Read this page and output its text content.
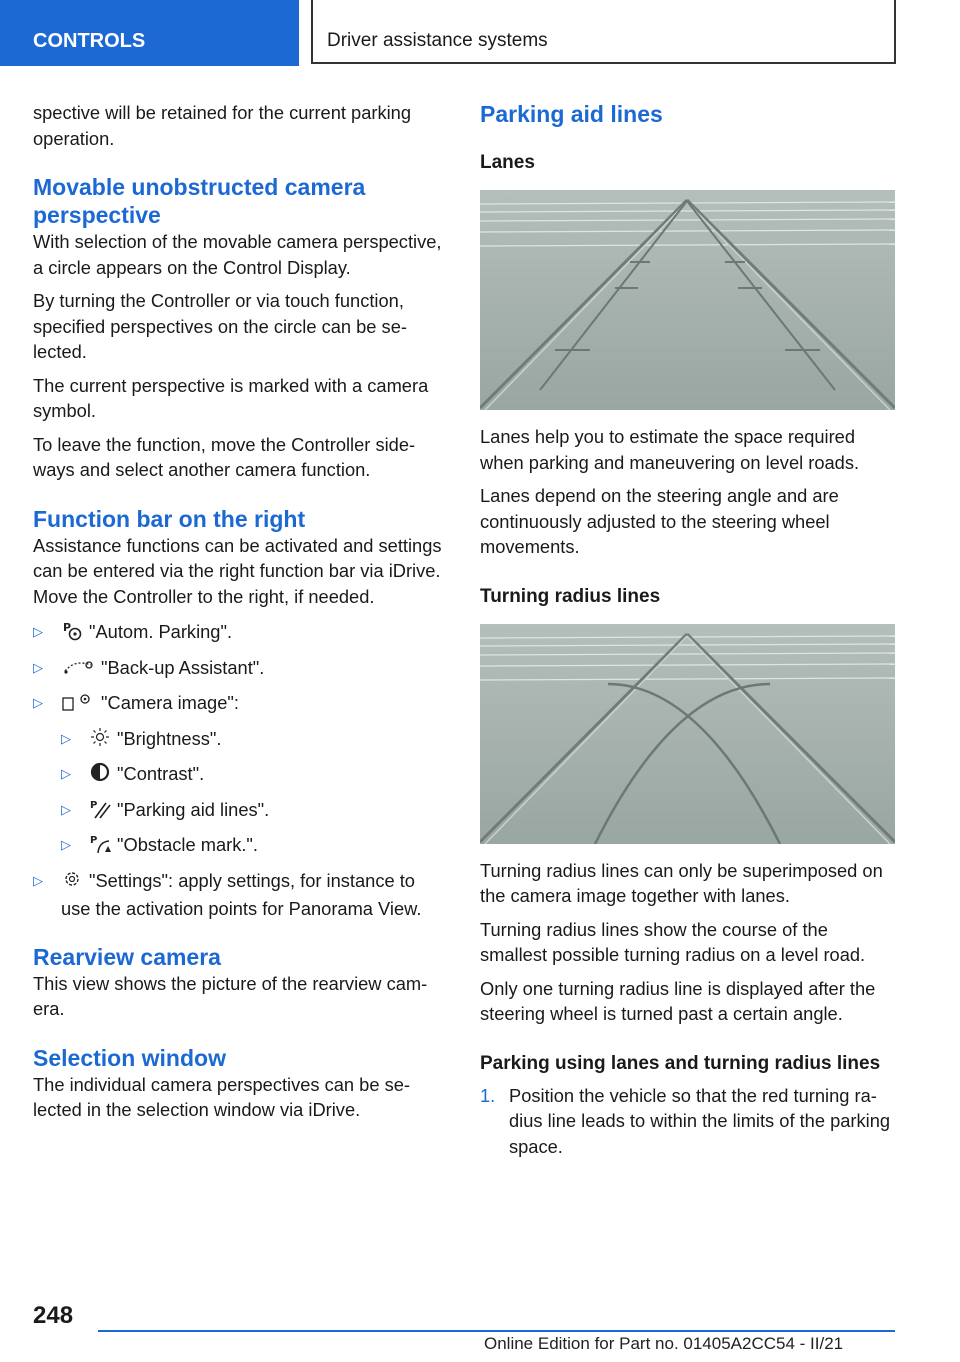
CONTROLS	Driver assistance systems

spective will be retained for the current parking operation.

Movable unobstructed camera perspective

With selection of the movable camera perspective, a circle appears on the Control Display.

By turning the Controller or via touch function, specified perspectives on the circle can be selected.

The current perspective is marked with a camera symbol.

To leave the function, move the Controller sideways and select another camera function.

Function bar on the right

Assistance functions can be activated and settings can be entered via the right function bar via iDrive. Move the Controller to the right, if needed.

▷ P "Autom. Parking".
▷	"Back-up Assistant".
▷	"Camera image":
▷	"Brightness".
▷	"Contrast".
▷ P "Parking aid lines".
▷ P "Obstacle mark.".
▷	"Settings": apply settings, for instance to use the activation points for Panorama View.
Rearview camera

This view shows the picture of the rearview camera.

Selection window

The individual camera perspectives can be selected in the selection window via iDrive.

Parking aid lines
Lanes

Lanes help you to estimate the space required when parking and maneuvering on level roads.

Lanes depend on the steering angle and are continuously adjusted to the steering wheel movements.

Turning radius lines

Turning radius lines can only be superimposed on the camera image together with lanes.

Turning radius lines show the course of the smallest possible turning radius on a level road.

Only one turning radius line is displayed after the steering wheel is turned past a certain angle.

Parking using lanes and turning radius lines
1. Position the vehicle so that the red turning radius line leads to within the limits of the parking space.
248
Online Edition for Part no. 01405A2CC54 - II/21
